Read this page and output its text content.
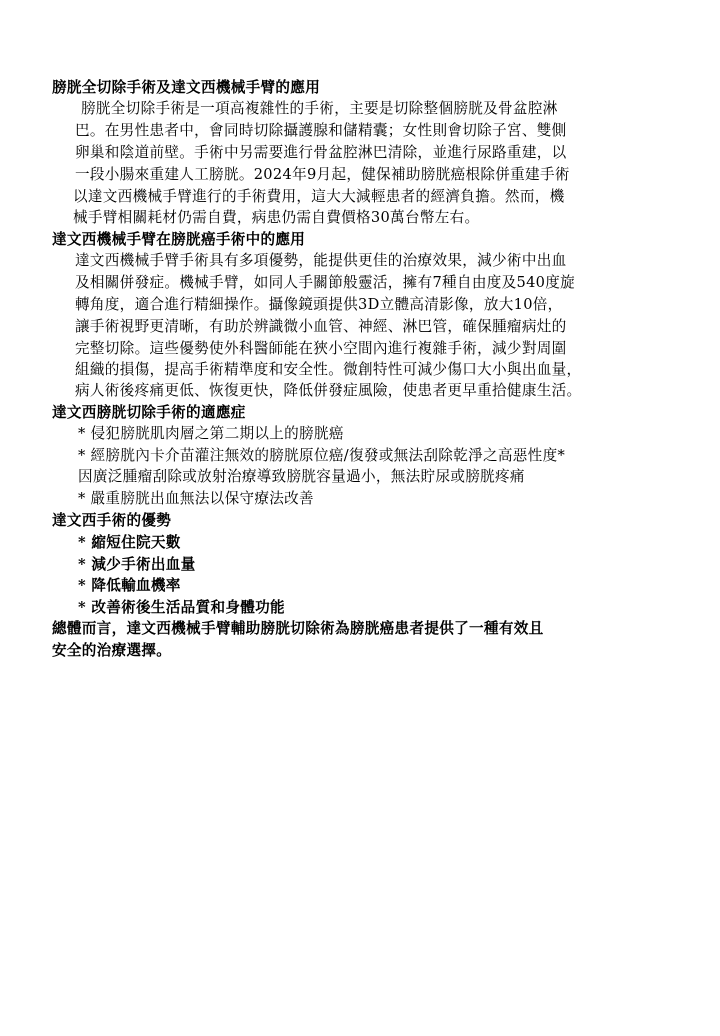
膀胱全切除手術及達文西機械手臂的應用
膀胱全切除手術是一項高複雜性的手術，主要是切除整個膀胱及骨盆腔淋
巴。在男性患者中，會同時切除攝護腺和儲精囊；女性則會切除子宮、雙側
卵巢和陰道前壁。手術中另需要進行骨盆腔淋巴清除，並進行尿路重建，以
一段小腸來重建人工膀胱。2024年9月起，健保補助膀胱癌根除併重建手術
以達文西機械手臂進行的手術費用，這大大減輕患者的經濟負擔。然而，機
械手臂相關耗材仍需自費，病患仍需自費價格30萬台幣左右。
達文西機械手臂在膀胱癌手術中的應用
達文西機械手臂手術具有多項優勢，能提供更佳的治療效果，減少術中出血
及相關併發症。機械手臂，如同人手關節般靈活，擁有7種自由度及540度旋
轉角度，適合進行精細操作。攝像鏡頭提供3D立體高清影像，放大10倍，
讓手術視野更清晰，有助於辨識微小血管、神經、淋巴管，確保腫瘤病灶的
完整切除。這些優勢使外科醫師能在狹小空間內進行複雜手術，減少對周圍
組織的損傷，提高手術精準度和安全性。微創特性可減少傷口大小與出血量，
病人術後疼痛更低、恢復更快，降低併發症風險，使患者更早重拾健康生活。
達文西膀胱切除手術的適應症
* 侵犯膀胱肌肉層之第二期以上的膀胱癌
* 經膀胱內卡介苗灌注無效的膀胱原位癌/復發或無法刮除乾淨之高惡性度*
因廣泛腫瘤刮除或放射治療導致膀胱容量過小，無法貯尿或膀胱疼痛
* 嚴重膀胱出血無法以保守療法改善
達文西手術的優勢
* 縮短住院天數
* 減少手術出血量
* 降低輸血機率
* 改善術後生活品質和身體功能
總體而言，達文西機械手臂輔助膀胱切除術為膀胱癌患者提供了一種有效且
安全的治療選擇。
